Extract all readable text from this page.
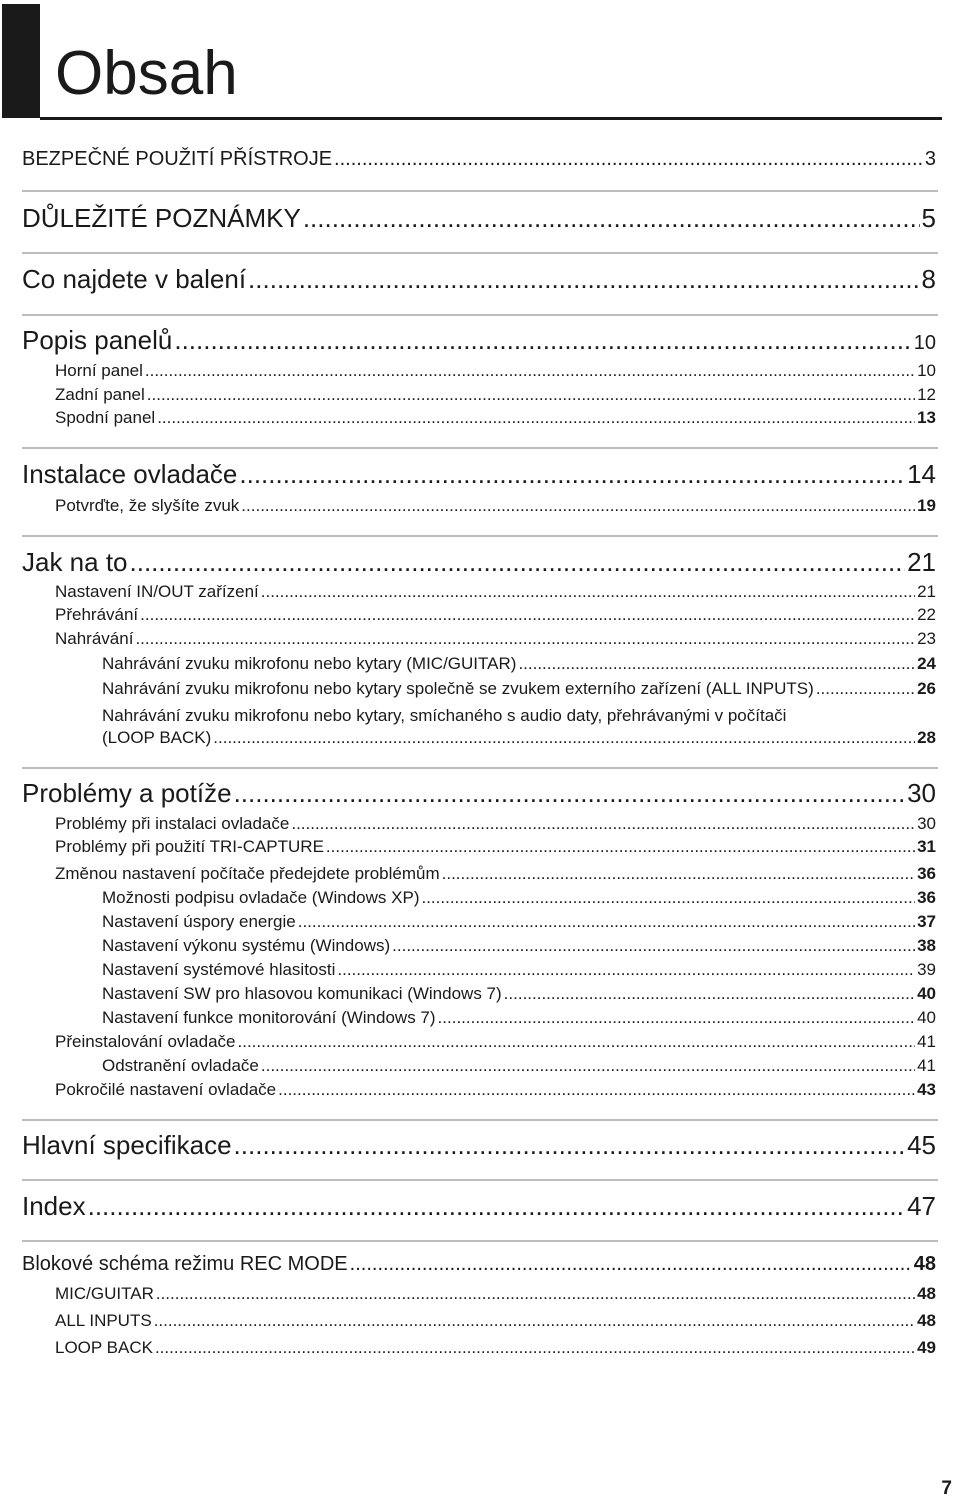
Obsah
BEZPEČNÉ POUŽITÍ PŘÍSTROJE .....	3
DŮLEŽITÉ POZNÁMKY .....	5
Co najdete v balení .....	8
Popis panelů .....	10
Horní panel .....	10
Zadní panel .....	12
Spodní panel .....	13
Instalace ovladače .....	14
Potvrďte, že slyšíte zvuk .....	19
Jak na to .....	21
Nastavení IN/OUT zařízení .....	21
Přehrávání .....	22
Nahrávání .....	23
Nahrávání zvuku mikrofonu nebo kytary (MIC/GUITAR) .....	24
Nahrávání zvuku mikrofonu nebo kytary společně se zvukem externího zařízení (ALL INPUTS) .....	26
Nahrávání zvuku mikrofonu nebo kytary, smíchaného s audio daty, přehrávanými v počítači
(LOOP BACK) .....	28
Problémy a potíže .....	30
Problémy při instalaci ovladače .....	30
Problémy při použití TRI-CAPTURE .....	31
Změnou nastavení počítače předejdete problémům .....	36
Možnosti podpisu ovladače (Windows XP) .....	36
Nastavení úspory energie .....	37
Nastavení výkonu systému (Windows) .....	38
Nastavení systémové hlasitosti .....	39
Nastavení SW pro hlasovou komunikaci (Windows 7) .....	40
Nastavení funkce monitorování (Windows 7) .....	40
Přeinstalování ovladače .....	41
Odstranění ovladače .....	41
Pokročilé nastavení ovladače .....	43
Hlavní specifikace .....	45
Index .....	47
Blokové schéma režimu REC MODE .....	48
MIC/GUITAR .....	48
ALL INPUTS .....	48
LOOP BACK .....	49
7
